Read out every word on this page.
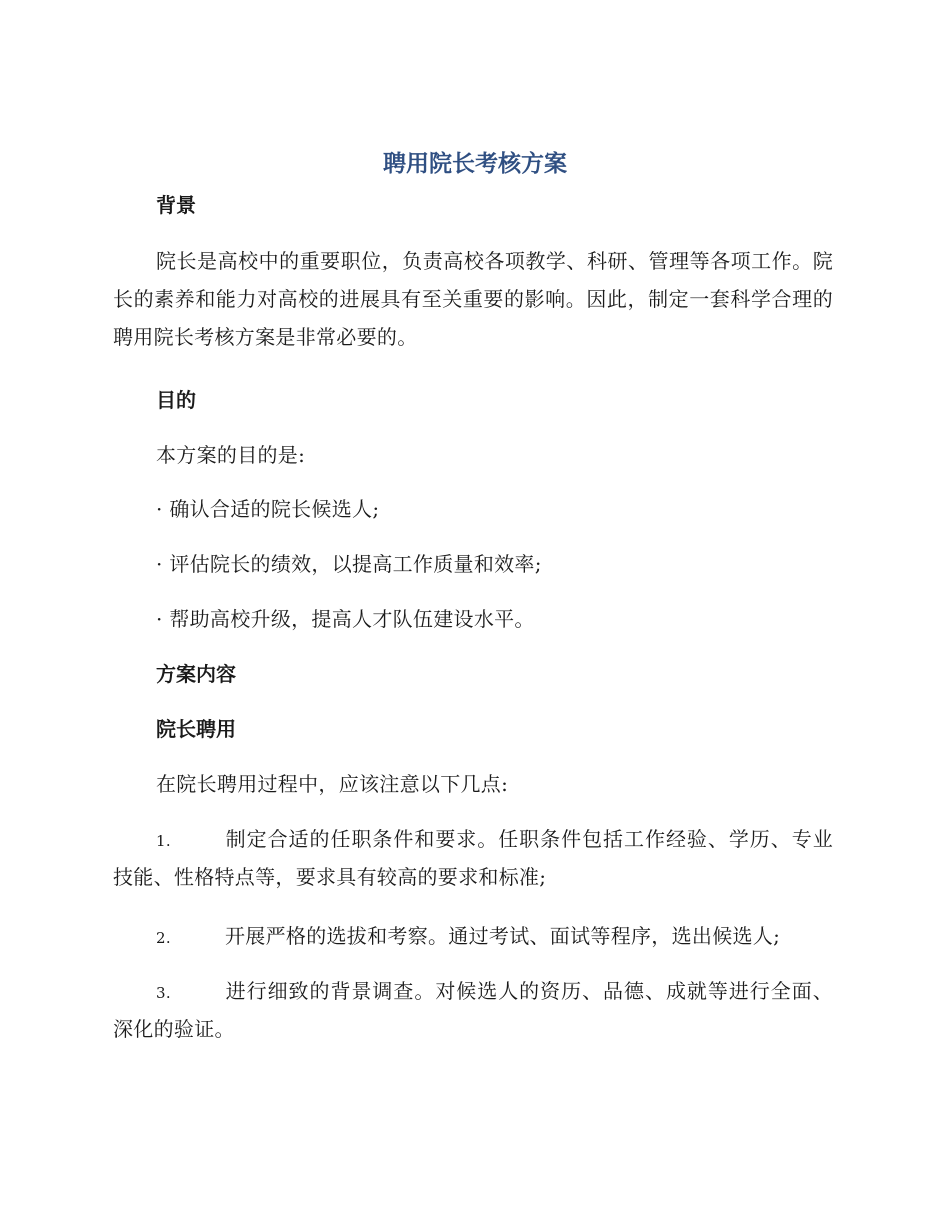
聘用院长考核方案
背景

院长是高校中的重要职位，负责高校各项教学、科研、管理等各项工作。院长的素养和能力对高校的进展具有至关重要的影响。因此，制定一套科学合理的聘用院长考核方案是非常必要的。

目的

本方案的目的是:

· 确认合适的院长候选人;

· 评估院长的绩效，以提高工作质量和效率;

· 帮助高校升级，提高人才队伍建设水平。

方案内容
院长聘用

在院长聘用过程中，应该注意以下几点:

1.	制定合适的任职条件和要求。任职条件包括工作经验、学历、专业技能、性格特点等，要求具有较高的要求和标准;

2.	开展严格的选拔和考察。通过考试、面试等程序，选出候选人;

3.	进行细致的背景调查。对候选人的资历、品德、成就等进行全面、深化的验证。
